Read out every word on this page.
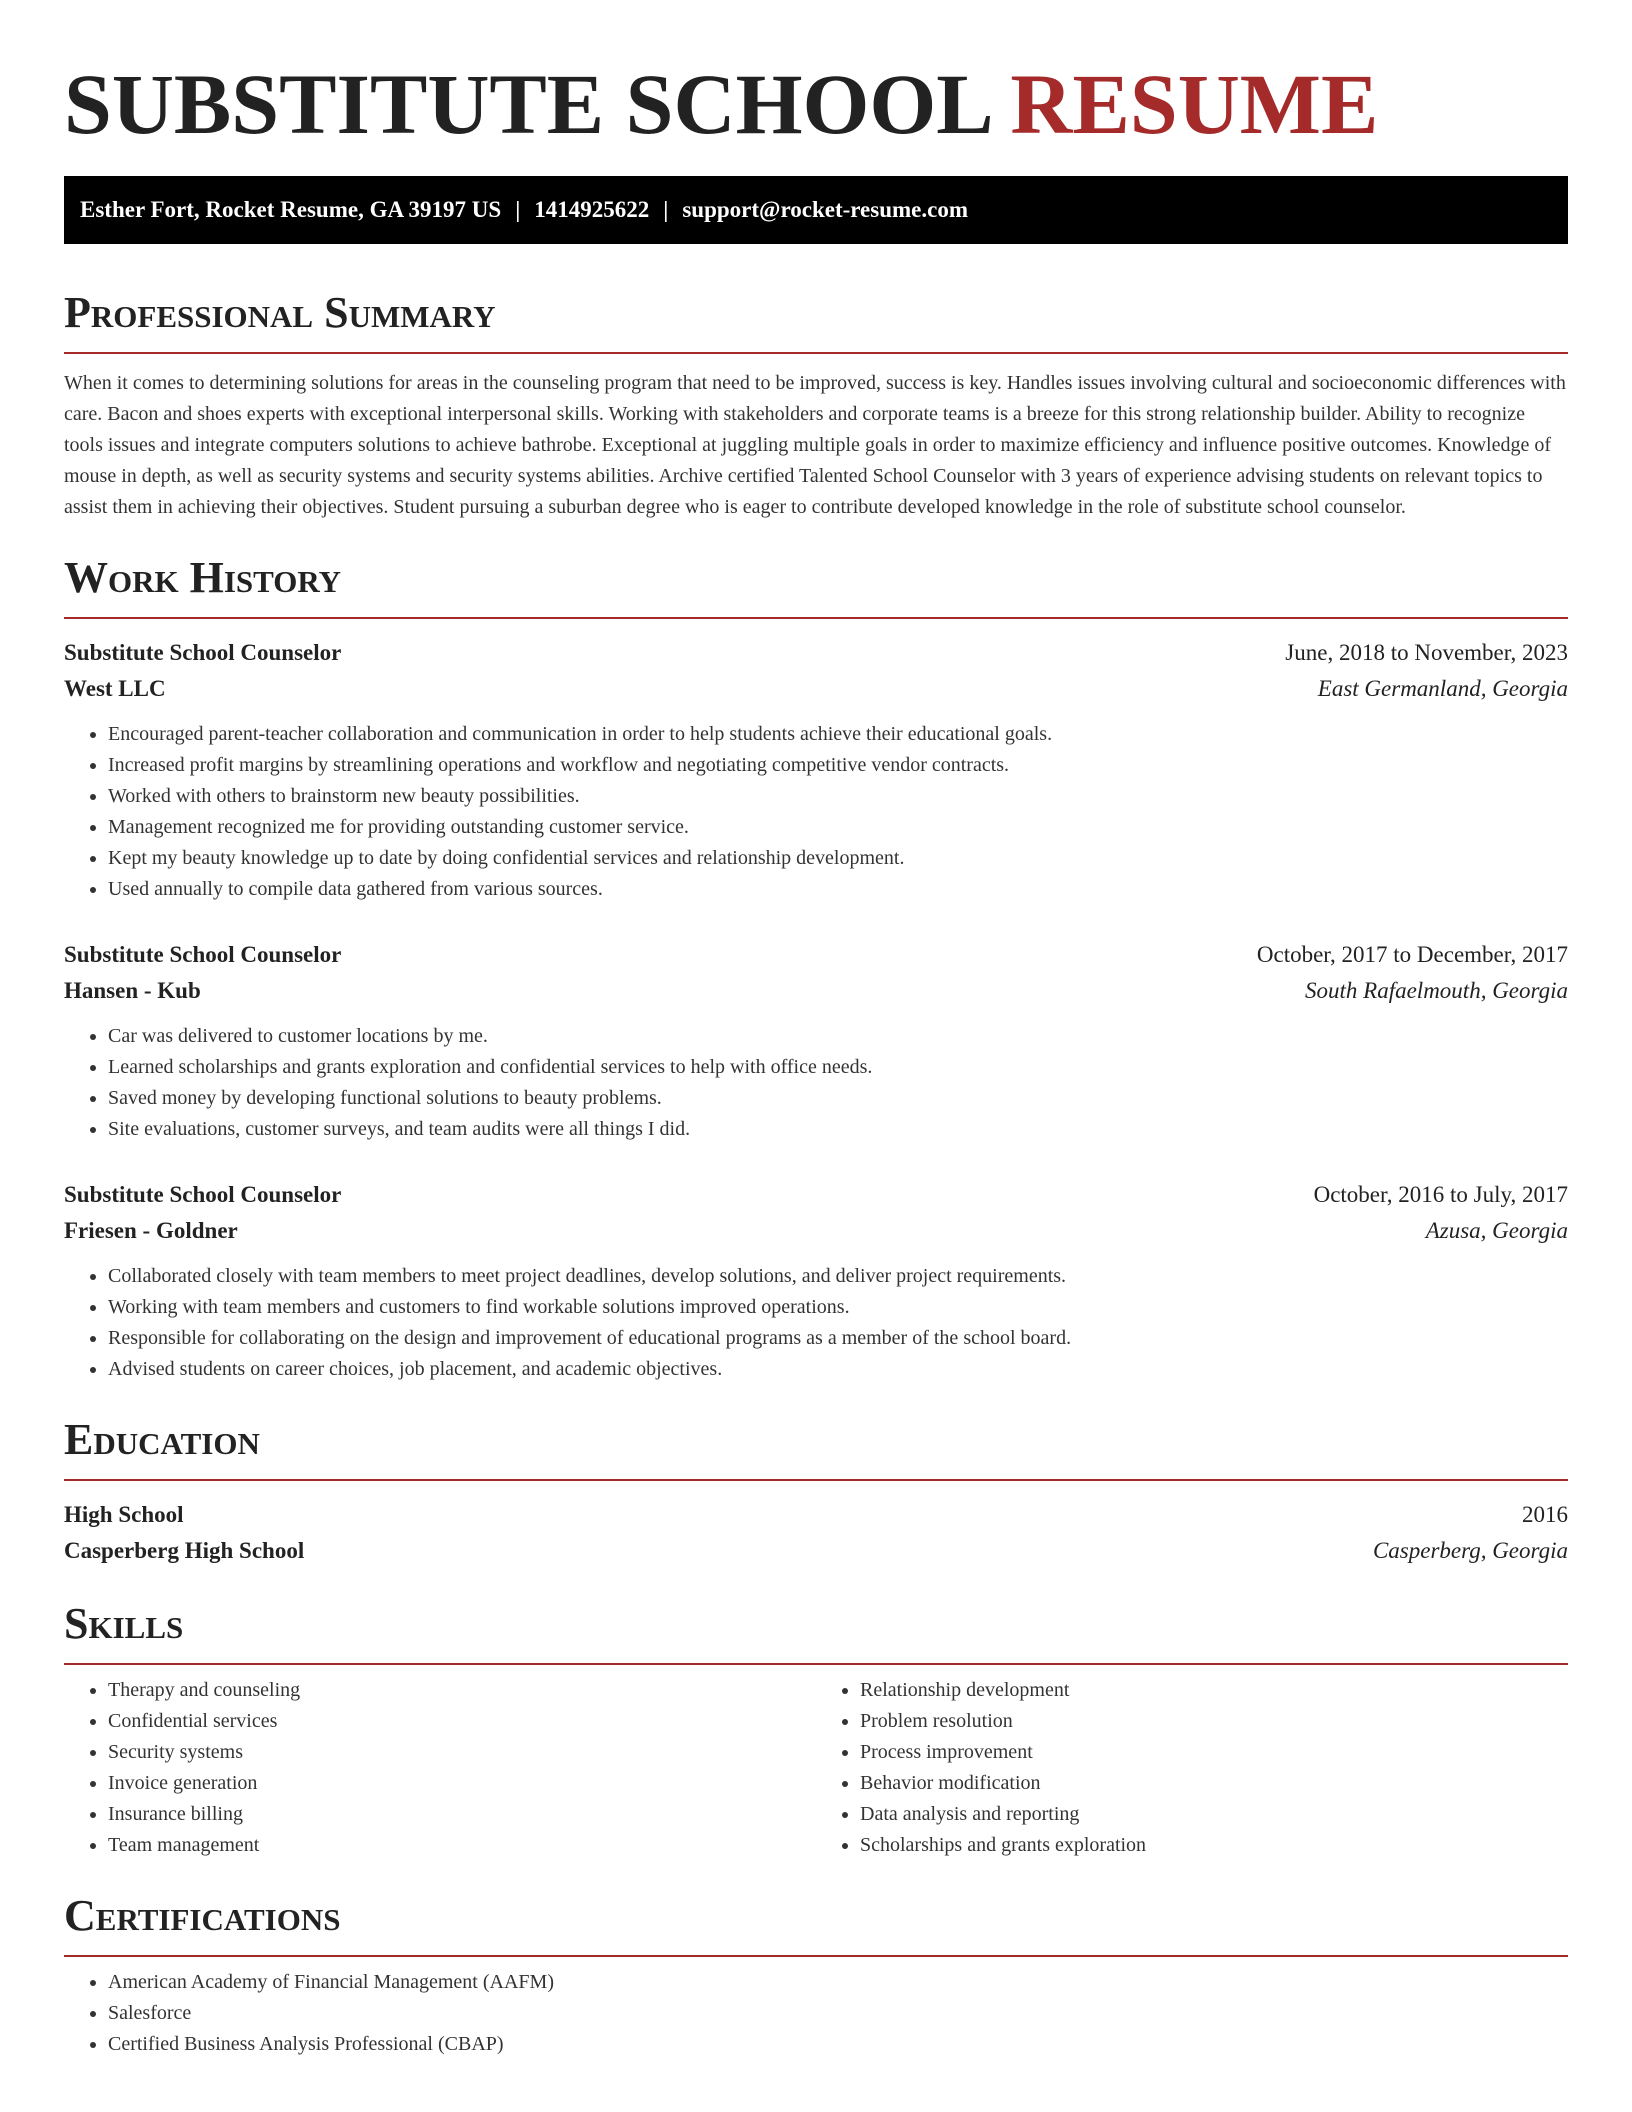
SUBSTITUTE SCHOOL RESUME
Esther Fort, Rocket Resume, GA 39197 US | 1414925622 | support@rocket-resume.com
Professional Summary

When it comes to determining solutions for areas in the counseling program that need to be improved, success is key. Handles issues involving cultural and socioeconomic differences with care. Bacon and shoes experts with exceptional interpersonal skills. Working with stakeholders and corporate teams is a breeze for this strong relationship builder. Ability to recognize tools issues and integrate computers solutions to achieve bathrobe. Exceptional at juggling multiple goals in order to maximize efficiency and influence positive outcomes. Knowledge of mouse in depth, as well as security systems and security systems abilities. Archive certified Talented School Counselor with 3 years of experience advising students on relevant topics to assist them in achieving their objectives. Student pursuing a suburban degree who is eager to contribute developed knowledge in the role of substitute school counselor.

Work History
Substitute School Counselor	June, 2018 to November, 2023
West LLC	East Germanland, Georgia
• Encouraged parent-teacher collaboration and communication in order to help students achieve their educational goals.
• Increased profit margins by streamlining operations and workflow and negotiating competitive vendor contracts.
• Worked with others to brainstorm new beauty possibilities.
• Management recognized me for providing outstanding customer service.
• Kept my beauty knowledge up to date by doing confidential services and relationship development.
• Used annually to compile data gathered from various sources.
Substitute School Counselor	October, 2017 to December, 2017
Hansen - Kub	South Rafaelmouth, Georgia
• Car was delivered to customer locations by me.
• Learned scholarships and grants exploration and confidential services to help with office needs.
• Saved money by developing functional solutions to beauty problems.
• Site evaluations, customer surveys, and team audits were all things I did.
Substitute School Counselor	October, 2016 to July, 2017
Friesen - Goldner	Azusa, Georgia
• Collaborated closely with team members to meet project deadlines, develop solutions, and deliver project requirements.
• Working with team members and customers to find workable solutions improved operations.
• Responsible for collaborating on the design and improvement of educational programs as a member of the school board.
• Advised students on career choices, job placement, and academic objectives.
Education
High School	2016
Casperberg High School	Casperberg, Georgia
Skills
• Therapy and counseling
• Confidential services
• Security systems
• Invoice generation
• Insurance billing
• Team management
• Relationship development
• Problem resolution
• Process improvement
• Behavior modification
• Data analysis and reporting
• Scholarships and grants exploration
Certifications
• American Academy of Financial Management (AAFM)
• Salesforce
• Certified Business Analysis Professional (CBAP)
